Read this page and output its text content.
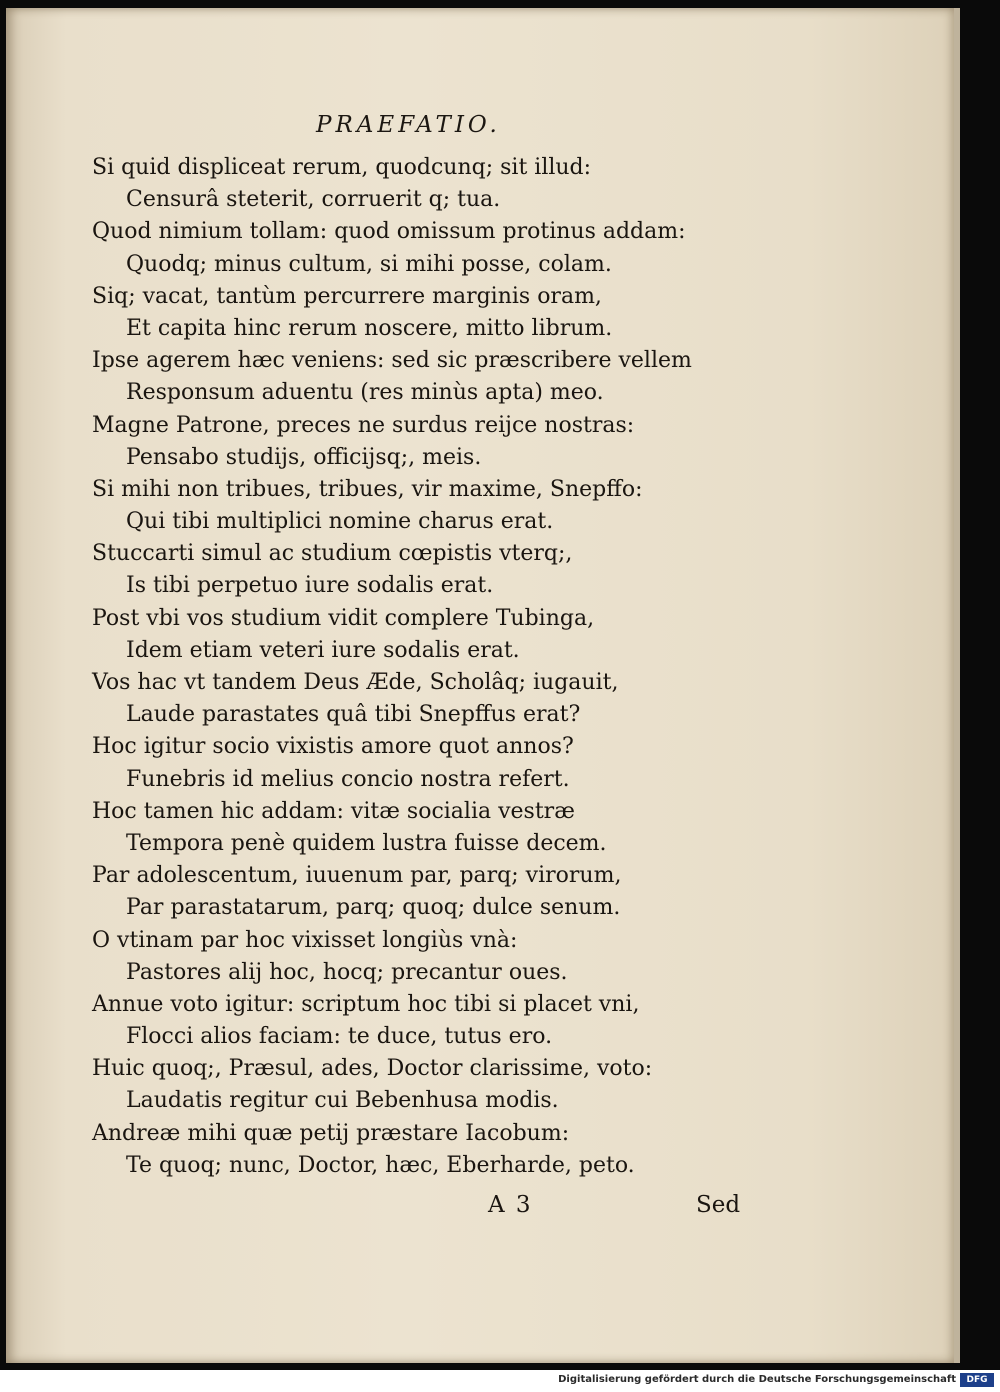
PRAEFATIO.
Si quid displiceat rerum, quodcunq; sit illud:
Censurâ steterit, corruerit q; tua.
Quod nimium tollam: quod omissum protinus addam:
Quodq; minus cultum, si mihi posse, colam.
Siq; vacat, tantùm percurrere marginis oram,
Et capita hinc rerum noscere, mitto librum.
Ipse agerem hæc veniens: sed sic præscribere vellem
Responsum aduentu (res minùs apta) meo.
Magne Patrone, preces ne surdus reijce nostras:
Pensabo studijs, officijsq;, meis.
Si mihi non tribues, tribues, vir maxime, Snepffo:
Qui tibi multiplici nomine charus erat.
Stuccarti simul ac studium cœpistis vterq;,
Is tibi perpetuo iure sodalis erat.
Post vbi vos studium vidit complere Tubinga,
Idem etiam veteri iure sodalis erat.
Vos hac vt tandem Deus Æde, Scholâq; iugauit,
Laude parastates quâ tibi Snepffus erat?
Hoc igitur socio vixistis amore quot annos?
Funebris id melius concio nostra refert.
Hoc tamen hic addam: vitæ socialia vestræ
Tempora penè quidem lustra fuisse decem.
Par adolescentum, iuuenum par, parq; virorum,
Par parastatarum, parq; quoq; dulce senum.
O vtinam par hoc vixisset longiùs vnà:
Pastores alij hoc, hocq; precantur oues.
Annue voto igitur: scriptum hoc tibi si placet vni,
Flocci alios faciam: te duce, tutus ero.
Huic quoq;, Præsul, ades, Doctor clarissime, voto:
Laudatis regitur cui Bebenhusa modis.
Andreæ mihi quæ petij præstare Iacobum:
Te quoq; nunc, Doctor, hæc, Eberharde, peto.
A 3	Sed
Digitalisierung gefördert durch die Deutsche Forschungsgemeinschaft	DFG
